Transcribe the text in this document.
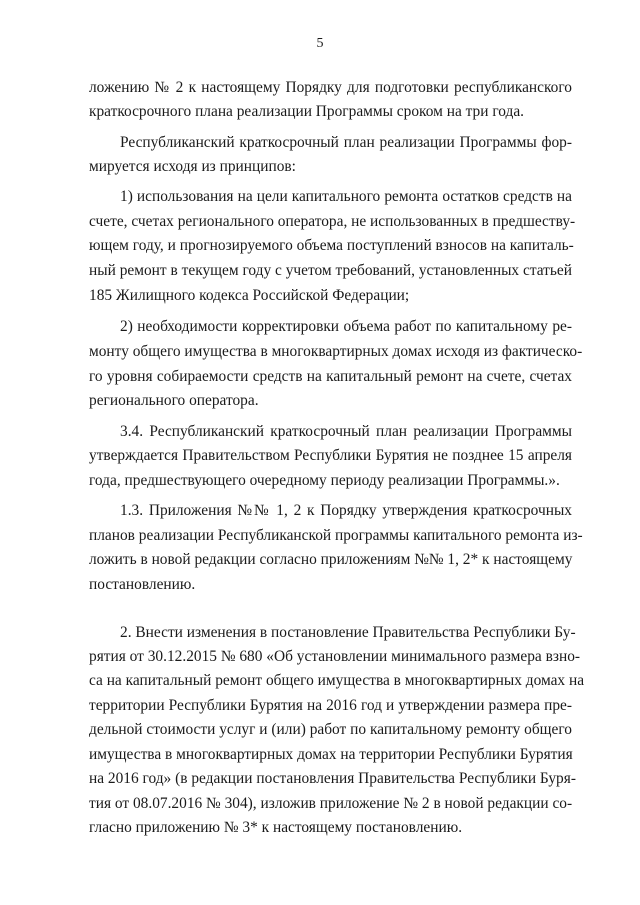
5
ложению № 2 к настоящему Порядку для подготовки республиканского
краткосрочного плана реализации Программы сроком на три года.
Республиканский краткосрочный план реализации Программы фор-
мируется исходя из принципов:
1) использования на цели капитального ремонта остатков средств на
счете, счетах регионального оператора, не использованных в предшеству-
ющем году, и прогнозируемого объема поступлений взносов на капиталь-
ный ремонт в текущем году с учетом требований, установленных статьей
185 Жилищного кодекса Российской Федерации;
2) необходимости корректировки объема работ по капитальному ре-
монту общего имущества в многоквартирных домах исходя из фактическо-
го уровня собираемости средств на капитальный ремонт на счете, счетах
регионального оператора.
3.4. Республиканский краткосрочный план реализации Программы
утверждается Правительством Республики Бурятия не позднее 15 апреля
года, предшествующего очередному периоду реализации Программы.».
1.3. Приложения №№ 1, 2 к Порядку утверждения краткосрочных
планов реализации Республиканской программы капитального ремонта из-
ложить в новой редакции согласно приложениям №№ 1, 2* к настоящему
постановлению.
2. Внести изменения в постановление Правительства Республики Бу-
рятия от 30.12.2015 № 680 «Об установлении минимального размера взно-
са на капитальный ремонт общего имущества в многоквартирных домах на
территории Республики Бурятия на 2016 год и утверждении размера пре-
дельной стоимости услуг и (или) работ по капитальному ремонту общего
имущества в многоквартирных домах на территории Республики Бурятия
на 2016 год» (в редакции постановления Правительства Республики Буря-
тия от 08.07.2016 № 304), изложив приложение № 2 в новой редакции со-
гласно приложению № 3* к настоящему постановлению.
